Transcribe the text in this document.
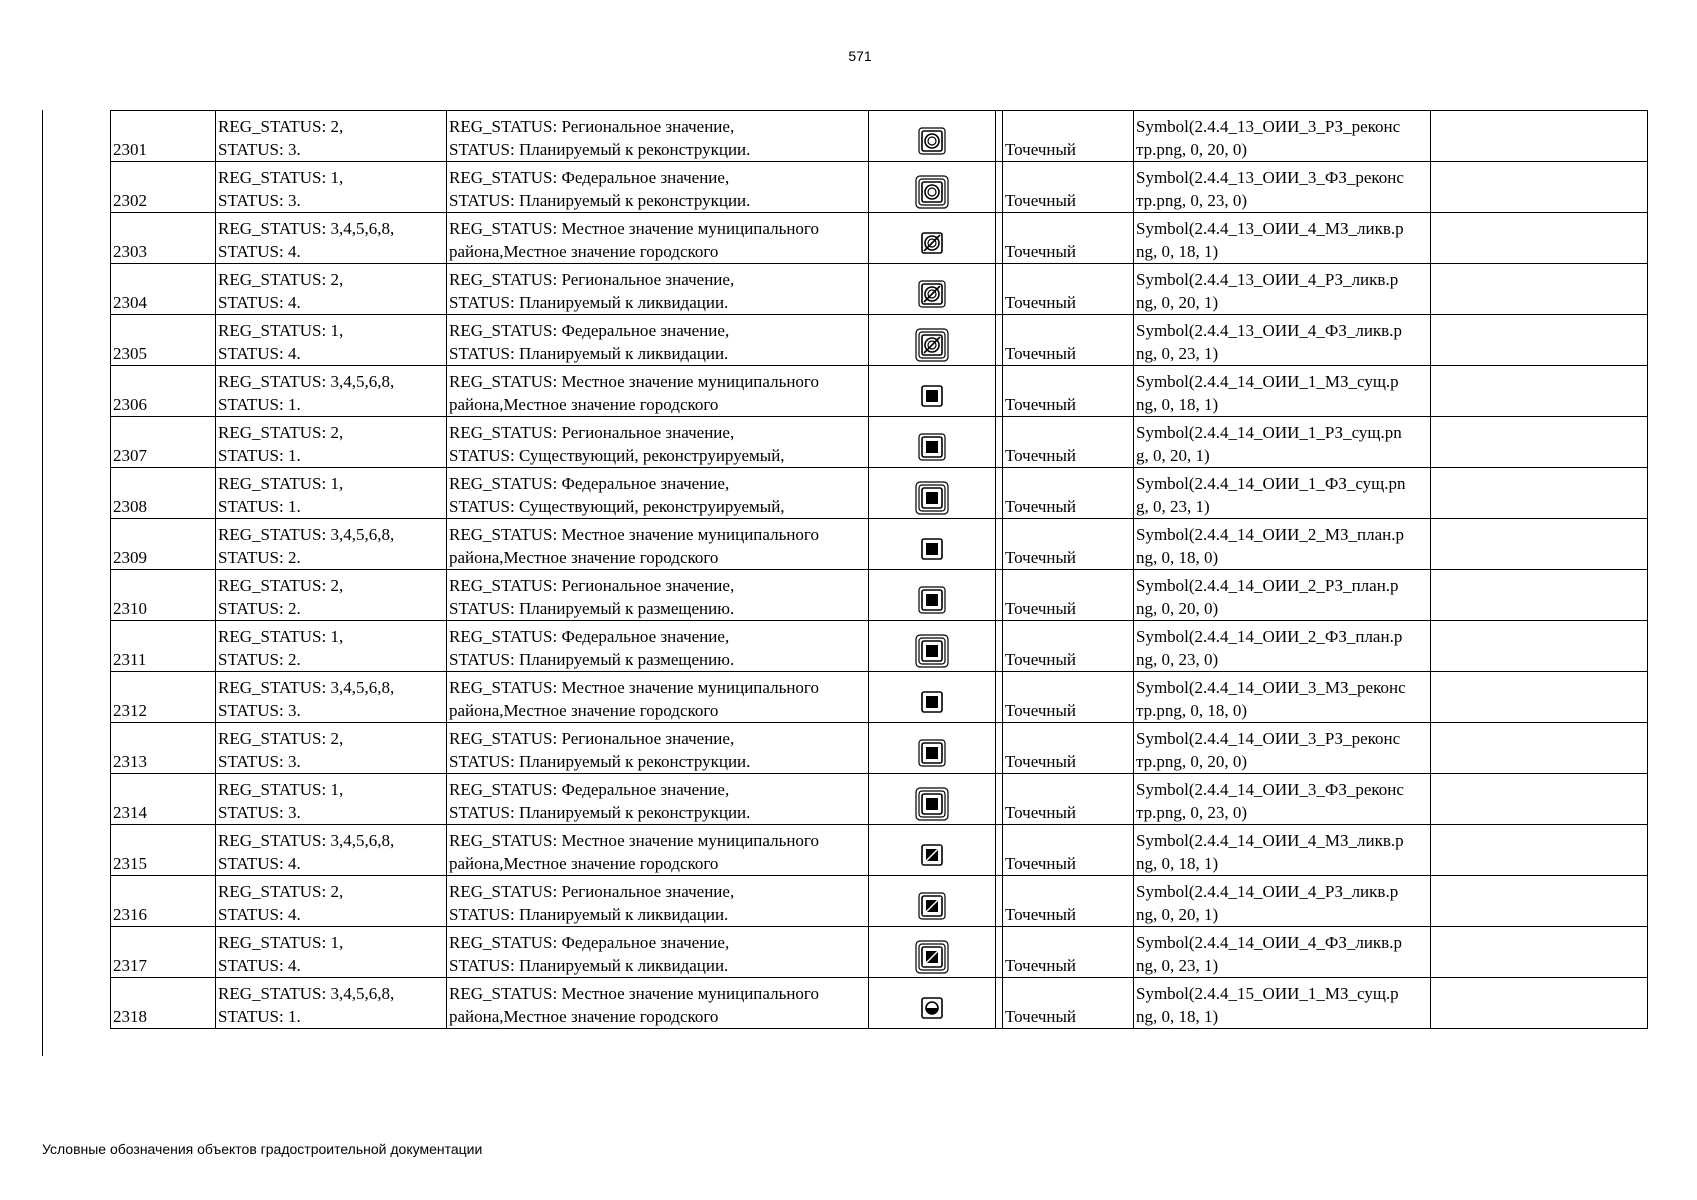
571
2301	REG_STATUS: 2,
STATUS: 3.	REG_STATUS: Региональное значение,
STATUS: Планируемый к реконструкции.			Точечный	Symbol(2.4.4_13_ОИИ_3_РЗ_реконс
тр.png, 0, 20, 0)	
2302	REG_STATUS: 1,
STATUS: 3.	REG_STATUS: Федеральное значение,
STATUS: Планируемый к реконструкции.			Точечный	Symbol(2.4.4_13_ОИИ_3_ФЗ_реконс
тр.png, 0, 23, 0)	
2303	REG_STATUS: 3,4,5,6,8,
STATUS: 4.	REG_STATUS: Местное значение муниципального
района,Местное значение городского			Точечный	Symbol(2.4.4_13_ОИИ_4_МЗ_ликв.p
ng, 0, 18, 1)	
2304	REG_STATUS: 2,
STATUS: 4.	REG_STATUS: Региональное значение,
STATUS: Планируемый к ликвидации.			Точечный	Symbol(2.4.4_13_ОИИ_4_РЗ_ликв.p
ng, 0, 20, 1)	
2305	REG_STATUS: 1,
STATUS: 4.	REG_STATUS: Федеральное значение,
STATUS: Планируемый к ликвидации.			Точечный	Symbol(2.4.4_13_ОИИ_4_ФЗ_ликв.p
ng, 0, 23, 1)	
2306	REG_STATUS: 3,4,5,6,8,
STATUS: 1.	REG_STATUS: Местное значение муниципального
района,Местное значение городского			Точечный	Symbol(2.4.4_14_ОИИ_1_МЗ_сущ.p
ng, 0, 18, 1)	
2307	REG_STATUS: 2,
STATUS: 1.	REG_STATUS: Региональное значение,
STATUS: Существующий, реконструируемый,			Точечный	Symbol(2.4.4_14_ОИИ_1_РЗ_сущ.pn
g, 0, 20, 1)	
2308	REG_STATUS: 1,
STATUS: 1.	REG_STATUS: Федеральное значение,
STATUS: Существующий, реконструируемый,			Точечный	Symbol(2.4.4_14_ОИИ_1_ФЗ_сущ.pn
g, 0, 23, 1)	
2309	REG_STATUS: 3,4,5,6,8,
STATUS: 2.	REG_STATUS: Местное значение муниципального
района,Местное значение городского			Точечный	Symbol(2.4.4_14_ОИИ_2_МЗ_план.p
ng, 0, 18, 0)	
2310	REG_STATUS: 2,
STATUS: 2.	REG_STATUS: Региональное значение,
STATUS: Планируемый к размещению.			Точечный	Symbol(2.4.4_14_ОИИ_2_РЗ_план.p
ng, 0, 20, 0)	
2311	REG_STATUS: 1,
STATUS: 2.	REG_STATUS: Федеральное значение,
STATUS: Планируемый к размещению.			Точечный	Symbol(2.4.4_14_ОИИ_2_ФЗ_план.p
ng, 0, 23, 0)	
2312	REG_STATUS: 3,4,5,6,8,
STATUS: 3.	REG_STATUS: Местное значение муниципального
района,Местное значение городского			Точечный	Symbol(2.4.4_14_ОИИ_3_МЗ_реконс
тр.png, 0, 18, 0)	
2313	REG_STATUS: 2,
STATUS: 3.	REG_STATUS: Региональное значение,
STATUS: Планируемый к реконструкции.			Точечный	Symbol(2.4.4_14_ОИИ_3_РЗ_реконс
тр.png, 0, 20, 0)	
2314	REG_STATUS: 1,
STATUS: 3.	REG_STATUS: Федеральное значение,
STATUS: Планируемый к реконструкции.			Точечный	Symbol(2.4.4_14_ОИИ_3_ФЗ_реконс
тр.png, 0, 23, 0)	
2315	REG_STATUS: 3,4,5,6,8,
STATUS: 4.	REG_STATUS: Местное значение муниципального
района,Местное значение городского			Точечный	Symbol(2.4.4_14_ОИИ_4_МЗ_ликв.p
ng, 0, 18, 1)	
2316	REG_STATUS: 2,
STATUS: 4.	REG_STATUS: Региональное значение,
STATUS: Планируемый к ликвидации.			Точечный	Symbol(2.4.4_14_ОИИ_4_РЗ_ликв.p
ng, 0, 20, 1)	
2317	REG_STATUS: 1,
STATUS: 4.	REG_STATUS: Федеральное значение,
STATUS: Планируемый к ликвидации.			Точечный	Symbol(2.4.4_14_ОИИ_4_ФЗ_ликв.p
ng, 0, 23, 1)	
2318	REG_STATUS: 3,4,5,6,8,
STATUS: 1.	REG_STATUS: Местное значение муниципального
района,Местное значение городского			Точечный	Symbol(2.4.4_15_ОИИ_1_МЗ_сущ.p
ng, 0, 18, 1)	
Условные обозначения объектов градостроительной документации
